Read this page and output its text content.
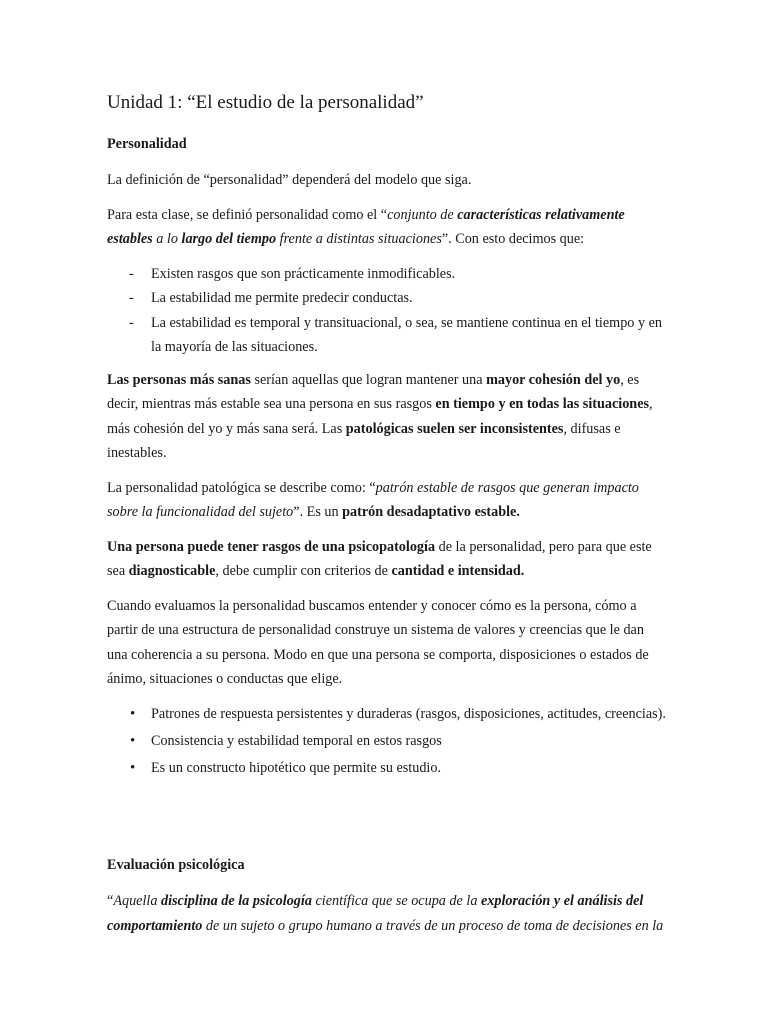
Unidad 1: “El estudio de la personalidad”
Personalidad

La definición de “personalidad” dependerá del modelo que siga.

Para esta clase, se definió personalidad como el “conjunto de características relativamente estables a lo largo del tiempo frente a distintas situaciones”. Con esto decimos que:

- Existen rasgos que son prácticamente inmodificables.
- La estabilidad me permite predecir conductas.
- La estabilidad es temporal y transituacional, o sea, se mantiene continua en el tiempo y en la mayoría de las situaciones.

Las personas más sanas serían aquellas que logran mantener una mayor cohesión del yo, es decir, mientras más estable sea una persona en sus rasgos en tiempo y en todas las situaciones, más cohesión del yo y más sana será. Las patológicas suelen ser inconsistentes, difusas e inestables.

La personalidad patológica se describe como: “patrón estable de rasgos que generan impacto sobre la funcionalidad del sujeto”. Es un patrón desadaptativo estable.

Una persona puede tener rasgos de una psicopatología de la personalidad, pero para que este sea diagnosticable, debe cumplir con criterios de cantidad e intensidad.

Cuando evaluamos la personalidad buscamos entender y conocer cómo es la persona, cómo a partir de una estructura de personalidad construye un sistema de valores y creencias que le dan una coherencia a su persona. Modo en que una persona se comporta, disposiciones o estados de ánimo, situaciones o conductas que elige.

• Patrones de respuesta persistentes y duraderas (rasgos, disposiciones, actitudes, creencias).
• Consistencia y estabilidad temporal en estos rasgos
• Es un constructo hipotético que permite su estudio.
Evaluación psicológica

“Aquella disciplina de la psicología científica que se ocupa de la exploración y el análisis del comportamiento de un sujeto o grupo humano a través de un proceso de toma de decisiones en la
